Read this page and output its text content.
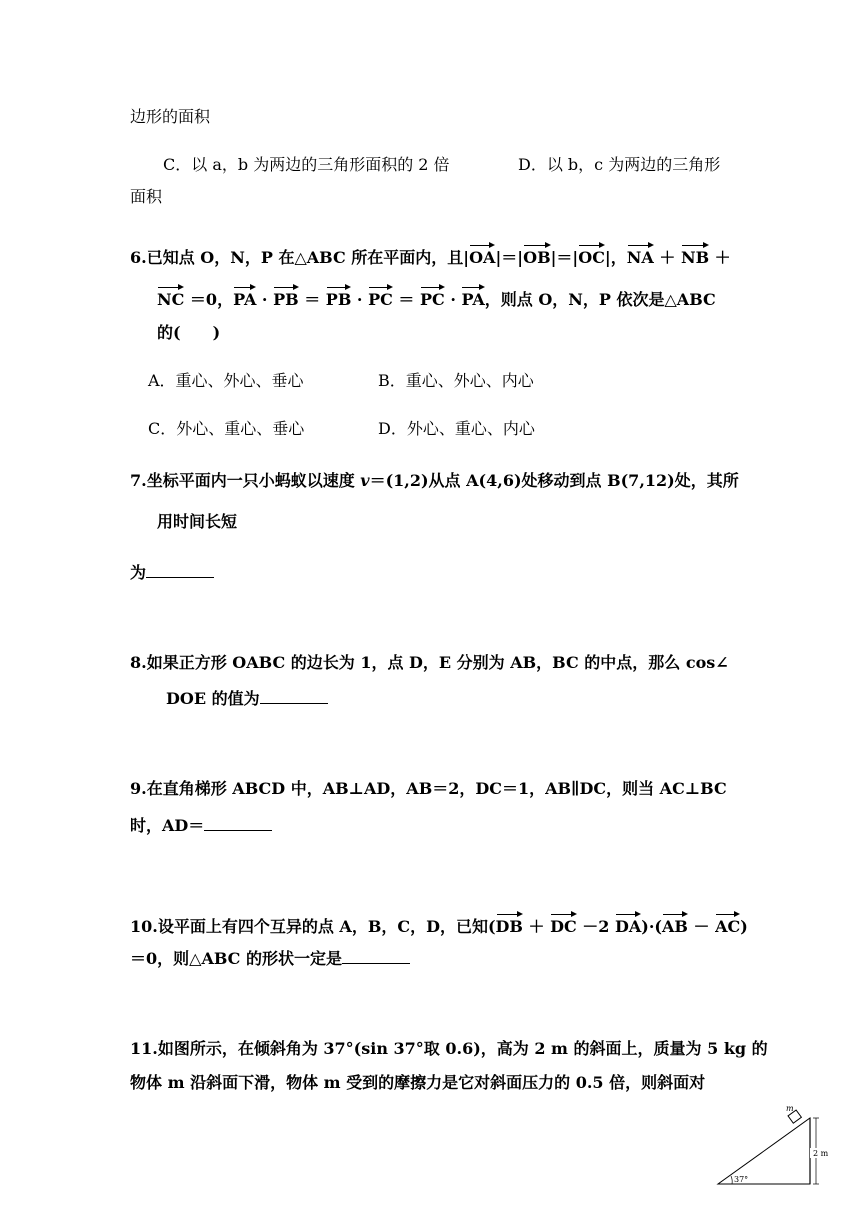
边形的面积
C．以 a，b 为两边的三角形面积的 2 倍	D．以 b，c 为两边的三角形
面积
6.已知点 O，N，P 在△ABC 所在平面内，且|OA|＝|OB|＝|OC|，NA ＋ NB ＋
NC ＝0，PA · PB ＝ PB · PC ＝ PC · PA，则点 O，N，P 依次是△ABC
的(　　)
A．重心、外心、垂心	B．重心、外心、内心
C．外心、重心、垂心	D．外心、重心、内心
7.坐标平面内一只小蚂蚁以速度 v＝(1,2)从点 A(4,6)处移动到点 B(7,12)处，其所
用时间长短
为
8.如果正方形 OABC 的边长为 1，点 D，E 分别为 AB，BC 的中点，那么 cos∠
DOE 的值为
9.在直角梯形 ABCD 中，AB⊥AD，AB＝2，DC＝1，AB∥DC，则当 AC⊥BC
时，AD＝
10.设平面上有四个互异的点 A，B，C，D，已知(DB ＋ DC －2 DA)·(AB － AC)
＝0，则△ABC 的形状一定是
11.如图所示，在倾斜角为 37°(sin 37°取 0.6)，高为 2 m 的斜面上，质量为 5 kg 的
物体 m 沿斜面下滑，物体 m 受到的摩擦力是它对斜面压力的 0.5 倍，则斜面对
m
2 m
37°
